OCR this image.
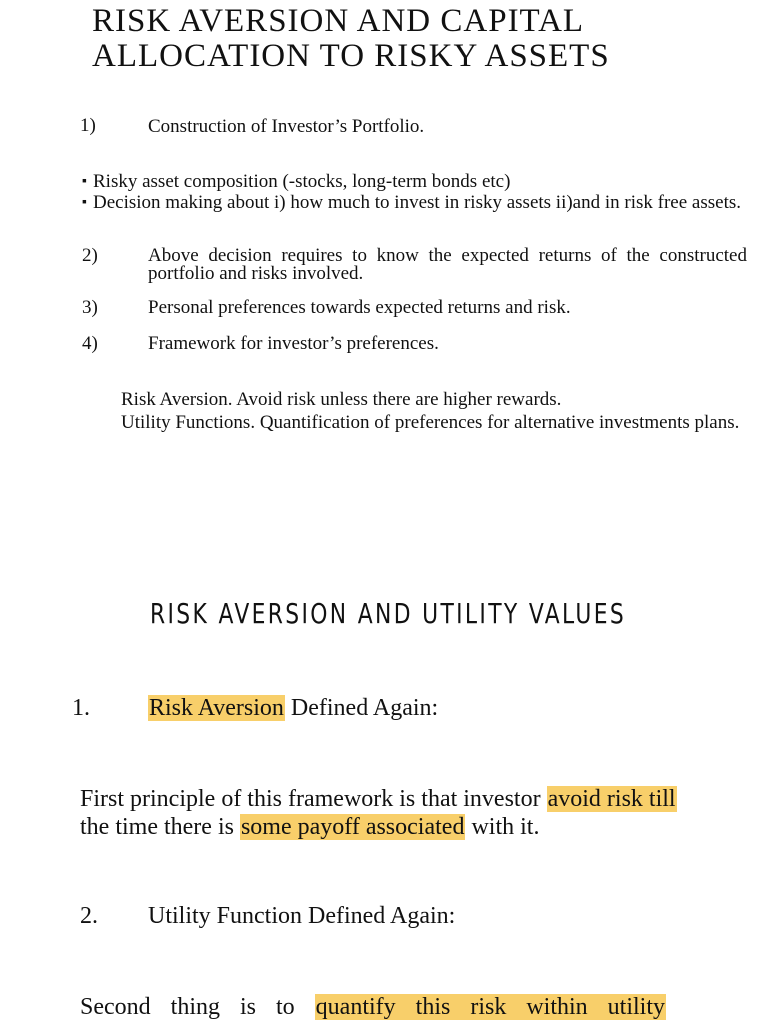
RISK AVERSION AND CAPITAL
ALLOCATION TO RISKY ASSETS
1)	Construction of Investor’s Portfolio.
▪ Risky asset composition (-stocks, long-term bonds etc)
▪ Decision making about i) how much to invest in risky assets ii)and in risk free assets.
2)	Above decision requires to know the expected returns of the constructed portfolio and risks involved.
3)	Personal preferences towards expected returns and risk.
4)	Framework for investor’s preferences.
Risk Aversion. Avoid risk unless there are higher rewards.
Utility Functions. Quantification of preferences for alternative investments plans.
RISK AVERSION AND UTILITY VALUES
1. Risk Aversion Defined Again:
First principle of this framework is that investor avoid risk till the time there is some payoff associated with it.
2. Utility Function Defined Again:
Second thing is to quantify this risk within utility
